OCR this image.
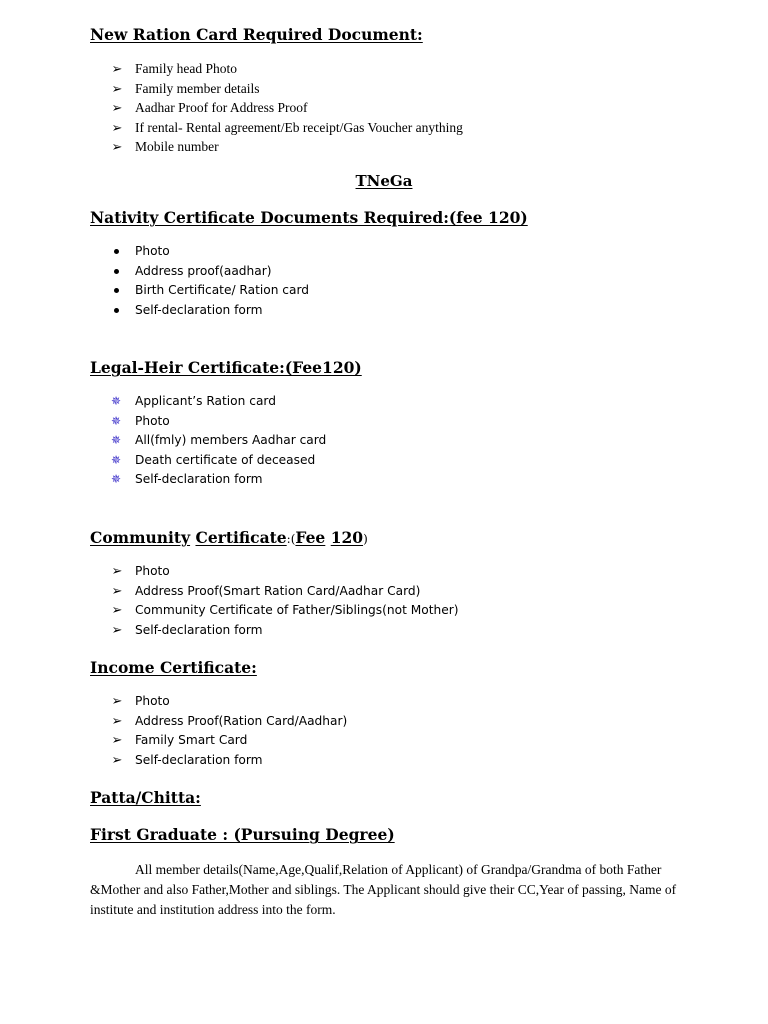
New Ration Card Required Document:
➢ Family head Photo
➢ Family member details
➢ Aadhar Proof for Address Proof
➢ If rental- Rental agreement/Eb receipt/Gas Voucher anything
➢ Mobile number
TNeGa
Nativity Certificate Documents Required:(fee 120)
Photo
Address proof(aadhar)
Birth Certificate/ Ration card
Self-declaration form
Legal-Heir Certificate:(Fee120)
✵ Applicant’s Ration card
✵ Photo
✵ All(fmly) members Aadhar card
✵ Death certificate of deceased
✵ Self-declaration form
Community Certificate:(Fee 120)
➢ Photo
➢ Address Proof(Smart Ration Card/Aadhar Card)
➢ Community Certificate of Father/Siblings(not Mother)
➢ Self-declaration form
Income Certificate:
➢ Photo
➢ Address Proof(Ration Card/Aadhar)
➢ Family Smart Card
➢ Self-declaration form
Patta/Chitta:
First Graduate : (Pursuing Degree)
All member details(Name,Age,Qualif,Relation of Applicant) of Grandpa/Grandma of both Father &Mother and also Father,Mother and siblings. The Applicant should give their CC,Year of passing, Name of institute and institution address into the form.
